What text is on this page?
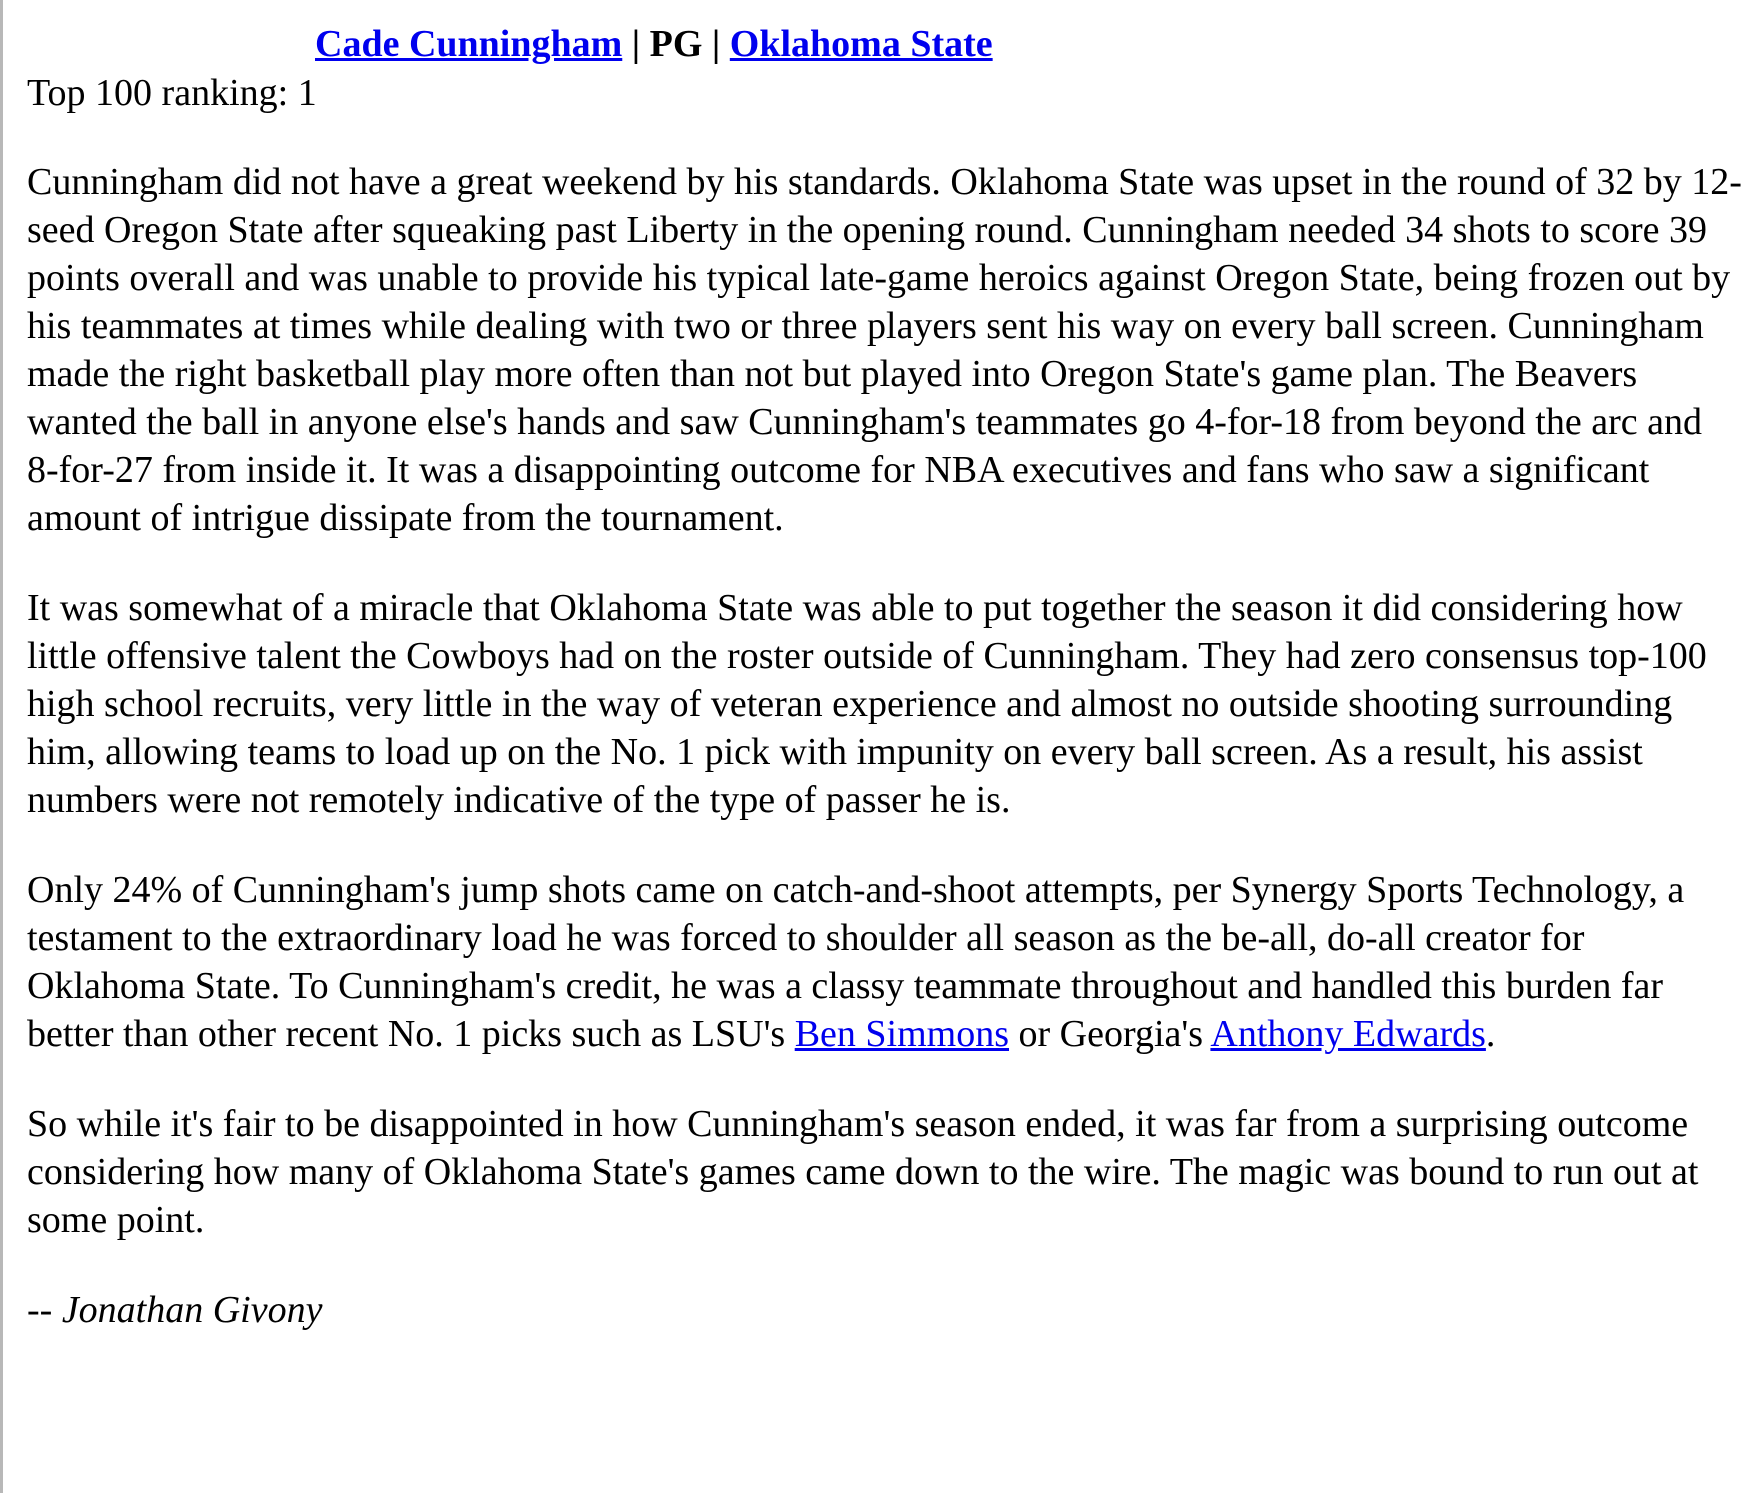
Cade Cunningham | PG | Oklahoma State

Top 100 ranking: 1

Cunningham did not have a great weekend by his standards. Oklahoma State was upset in the round of 32 by 12-seed Oregon State after squeaking past Liberty in the opening round. Cunningham needed 34 shots to score 39 points overall and was unable to provide his typical late-game heroics against Oregon State, being frozen out by his teammates at times while dealing with two or three players sent his way on every ball screen. Cunningham made the right basketball play more often than not but played into Oregon State's game plan. The Beavers wanted the ball in anyone else's hands and saw Cunningham's teammates go 4-for-18 from beyond the arc and 8-for-27 from inside it. It was a disappointing outcome for NBA executives and fans who saw a significant amount of intrigue dissipate from the tournament.

It was somewhat of a miracle that Oklahoma State was able to put together the season it did considering how little offensive talent the Cowboys had on the roster outside of Cunningham. They had zero consensus top-100 high school recruits, very little in the way of veteran experience and almost no outside shooting surrounding him, allowing teams to load up on the No. 1 pick with impunity on every ball screen. As a result, his assist numbers were not remotely indicative of the type of passer he is.

Only 24% of Cunningham's jump shots came on catch-and-shoot attempts, per Synergy Sports Technology, a testament to the extraordinary load he was forced to shoulder all season as the be-all, do-all creator for Oklahoma State. To Cunningham's credit, he was a classy teammate throughout and handled this burden far better than other recent No. 1 picks such as LSU's Ben Simmons or Georgia's Anthony Edwards.

So while it's fair to be disappointed in how Cunningham's season ended, it was far from a surprising outcome considering how many of Oklahoma State's games came down to the wire. The magic was bound to run out at some point.

-- Jonathan Givony
